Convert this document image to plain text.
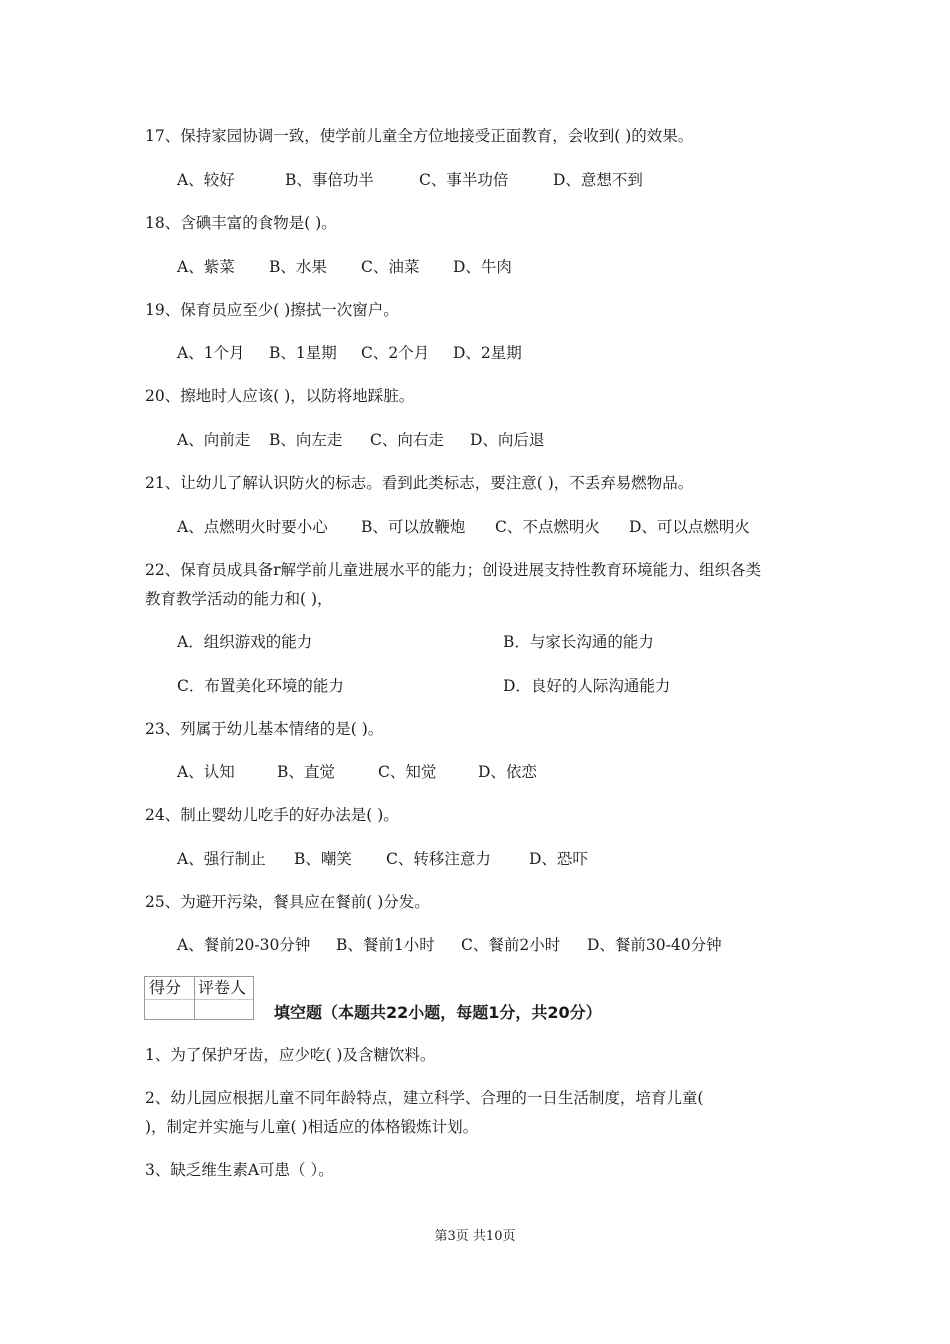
17、保持家园协调一致，使学前儿童全方位地接受正面教育，会收到( )的效果。
A、较好	B、事倍功半	C、事半功倍	D、意想不到
18、含碘丰富的食物是( )。
A、紫菜 B、水果 C、油菜 D、牛肉
19、保育员应至少( )擦拭一次窗户。
A、1个月 B、1星期 C、2个月 D、2星期
20、擦地时人应该( )，以防将地踩脏。
A、向前走 B、向左走 C、向右走 D、向后退
21、让幼儿了解认识防火的标志。看到此类标志，要注意( )，不丢弃易燃物品。
A、点燃明火时要小心 B、可以放鞭炮 C、不点燃明火 D、可以点燃明火
22、保育员成具备r解学前儿童进展水平的能力；创设进展支持性教育环境能力、组织各类
教育教学活动的能力和( )，
A．组织游戏的能力	B．与家长沟通的能力
C．布置美化环境的能力	D．良好的人际沟通能力
23、列属于幼儿基本情绪的是( )。
A、认知	B、直觉	C、知觉	D、依恋
24、制止婴幼儿吃手的好办法是( )。
A、强行制止 B、嘲笑 C、转移注意力 D、恐吓
25、为避开污染，餐具应在餐前( )分发。
A、餐前20-30分钟 B、餐前1小时 C、餐前2小时 D、餐前30-40分钟
得分 评卷人
填空题（本题共22小题，每题1分，共20分）
1、为了保护牙齿，应少吃( )及含糖饮料。
2、幼儿园应根据儿童不同年龄特点，建立科学、合理的一日生活制度，培育儿童(
)，制定并实施与儿童( )相适应的体格锻炼计划。
3、缺乏维生素A可患（ ）。
第3页 共10页
